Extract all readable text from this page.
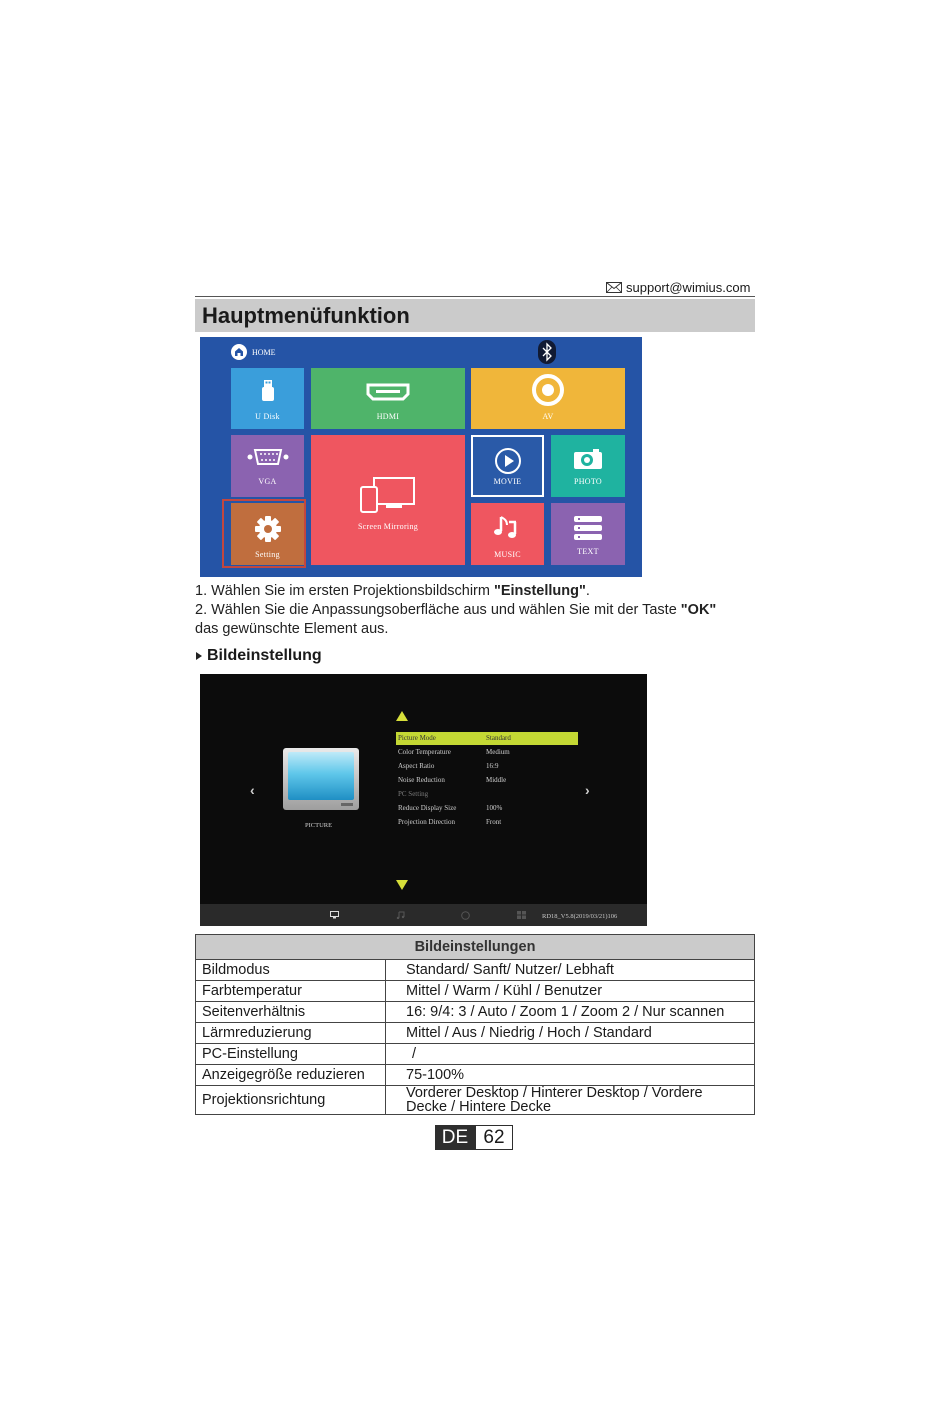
support@wimius.com
Hauptmenüfunktion
HOME
U Disk	HDMI	AV
VGA
Screen Mirroring
MOVIE	PHOTO
Setting	MUSIC	TEXT
1. Wählen Sie im ersten Projektionsbildschirm "Einstellung".
2. Wählen Sie die Anpassungsoberfläche aus und wählen Sie mit der Taste "OK"
das gewünschte Element aus.
Bildeinstellung
‹	›
PICTURE
Picture Mode	Standard
Color Temperature	Medium
Aspect Ratio	16:9
Noise Reduction	Middle
PC Setting
Reduce Display Size	100%
Projection Direction	Front
RD18_V5.8(2019/03/21)106
Bildeinstellungen	
Bildmodus	Standard/ Sanft/ Nutzer/ Lebhaft
Farbtemperatur	Mittel / Warm / Kühl / Benutzer
Seitenverhältnis	16: 9/4: 3 / Auto / Zoom 1 / Zoom 2 / Nur scannen
Lärmreduzierung	Mittel / Aus / Niedrig / Hoch / Standard
PC-Einstellung	/
Anzeigegröße reduzieren	75-100%
Projektionsrichtung	Vorderer Desktop / Hinterer Desktop / Vordere
Decke / Hintere Decke
DE 62
